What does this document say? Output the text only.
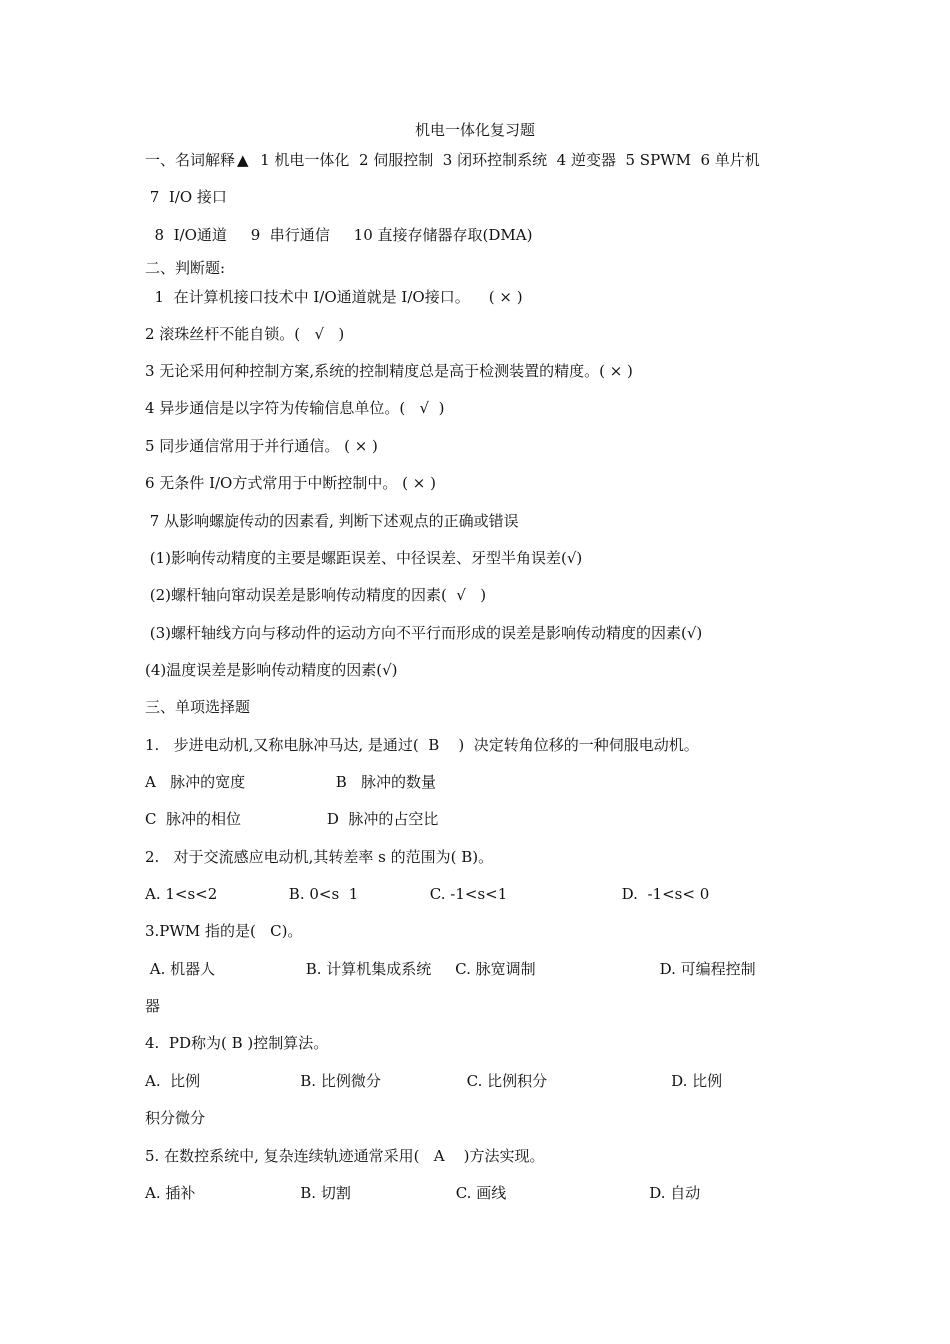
机电一体化复习题
一、名词解释 ▲  1 机电一体化  2 伺服控制  3 闭环控制系统  4 逆变器  5 SPWM  6 单片机
7  I/O 接口
8  I/O通道     9  串行通信     10 直接存储器存取(DMA)
二、判断题:
1  在计算机接口技术中 I/O通道就是 I/O接口。    ( × )
2 滚珠丝杆不能自锁。(   √   )
3 无论采用何种控制方案,系统的控制精度总是高于检测装置的精度。( × )
4 异步通信是以字符为传输信息单位。(   √  )
5 同步通信常用于并行通信。 ( × )
6 无条件 I/O方式常用于中断控制中。 ( × )
7 从影响螺旋传动的因素看, 判断下述观点的正确或错误
(1)影响传动精度的主要是螺距误差、中径误差、牙型半角误差(√)
(2)螺杆轴向窜动误差是影响传动精度的因素(  √   )
(3)螺杆轴线方向与移动件的运动方向不平行而形成的误差是影响传动精度的因素(√)
(4)温度误差是影响传动精度的因素(√)
三、单项选择题
1.   步进电动机,又称电脉冲马达, 是通过(  B    )  决定转角位移的一种伺服电动机。
A   脉冲的宽度                   B   脉冲的数量
C  脉冲的相位                  D  脉冲的占空比
2.   对于交流感应电动机,其转差率 s 的范围为( B)。
A. 1<s<2               B. 0<s  1               C. -1<s<1                        D.  -1<s< 0
3.PWM 指的是(   C)。
A. 机器人                   B. 计算机集成系统     C. 脉宽调制                          D. 可编程控制
器
4.  PD称为( B )控制算法。
A.  比例                     B. 比例微分                  C. 比例积分                          D. 比例
积分微分
5. 在数控系统中, 复杂连续轨迹通常采用(   A    )方法实现。
A. 插补                      B. 切割                      C. 画线                              D. 自动
